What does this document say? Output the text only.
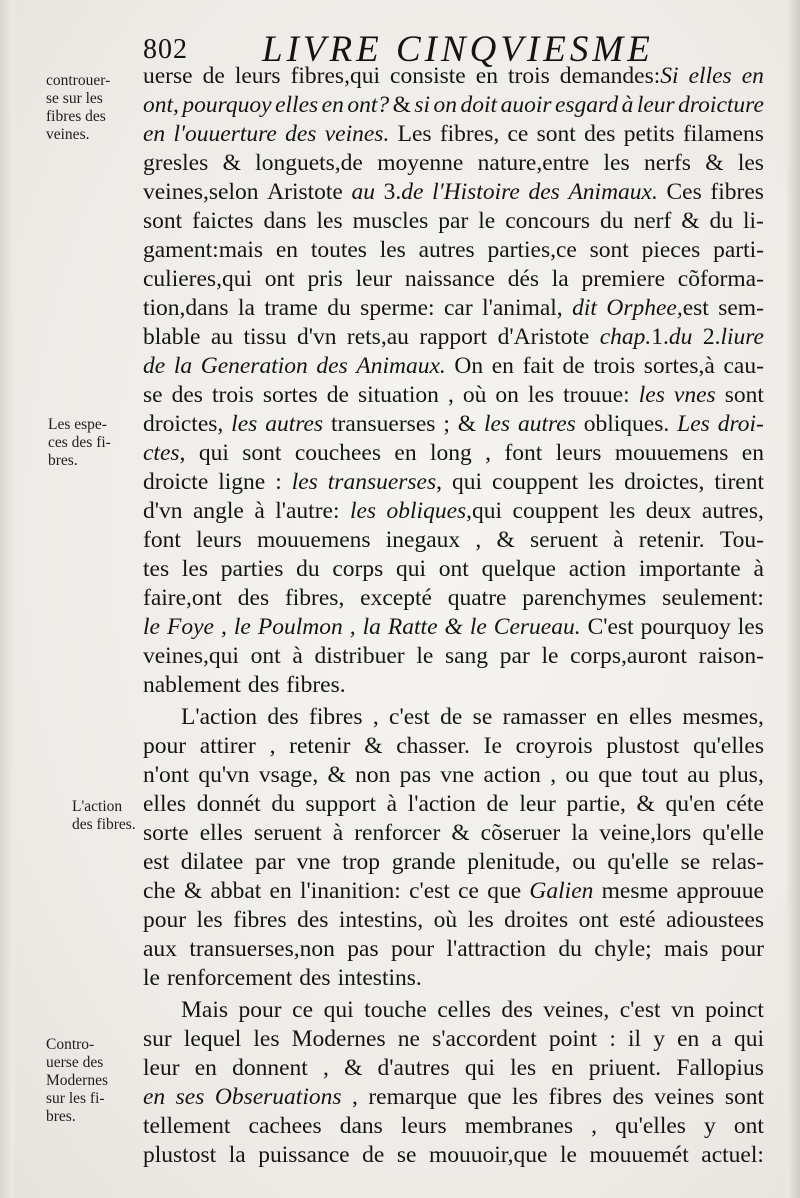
802 LIVRE CINQVIESME
controuer-
se sur les
fibres des
veines.
Les espe-
ces des fi-
bres.
L'action
des fibres.
Contro-
uerse des
Modernes
sur les fi-
bres.
uerse de leurs fibres,qui consiste en trois demandes:Si elles en
ont, pourquoy elles en ont? & si on doit auoir esgard à leur droicture
en l'ouuerture des veines. Les fibres, ce sont des petits filamens
gresles & longuets,de moyenne nature,entre les nerfs & les
veines,selon Aristote au 3.de l'Histoire des Animaux. Ces fibres
sont faictes dans les muscles par le concours du nerf & du li-
gament:mais en toutes les autres parties,ce sont pieces parti-
culieres,qui ont pris leur naissance dés la premiere cõforma-
tion,dans la trame du sperme: car l'animal, dit Orphee,est sem-
blable au tissu d'vn rets,au rapport d'Aristote chap.1.du 2.liure
de la Generation des Animaux. On en fait de trois sortes,à cau-
se des trois sortes de situation , où on les trouue: les vnes sont
droictes, les autres transuerses ; & les autres obliques. Les droi-
ctes, qui sont couchees en long , font leurs mouuemens en
droicte ligne : les transuerses, qui couppent les droictes, tirent
d'vn angle à l'autre: les obliques,qui couppent les deux autres,
font leurs mouuemens inegaux , & seruent à retenir. Tou-
tes les parties du corps qui ont quelque action importante à
faire,ont des fibres, excepté quatre parenchymes seulement:
le Foye , le Poulmon , la Ratte & le Cerueau. C'est pourquoy les
veines,qui ont à distribuer le sang par le corps,auront raison-
nablement des fibres.
L'action des fibres , c'est de se ramasser en elles mesmes,
pour attirer , retenir & chasser. Ie croyrois plustost qu'elles
n'ont qu'vn vsage, & non pas vne action , ou que tout au plus,
elles donnét du support à l'action de leur partie, & qu'en céte
sorte elles seruent à renforcer & cõseruer la veine,lors qu'elle
est dilatee par vne trop grande plenitude, ou qu'elle se relas-
che & abbat en l'inanition: c'est ce que Galien mesme approuue
pour les fibres des intestins, où les droites ont esté adioustees
aux transuerses,non pas pour l'attraction du chyle; mais pour
le renforcement des intestins.
Mais pour ce qui touche celles des veines, c'est vn poinct
sur lequel les Modernes ne s'accordent point : il y en a qui
leur en donnent , & d'autres qui les en priuent. Fallopius
en ses Obseruations , remarque que les fibres des veines sont
tellement cachees dans leurs membranes , qu'elles y ont
plustost la puissance de se mouuoir,que le mouuemét actuel:
